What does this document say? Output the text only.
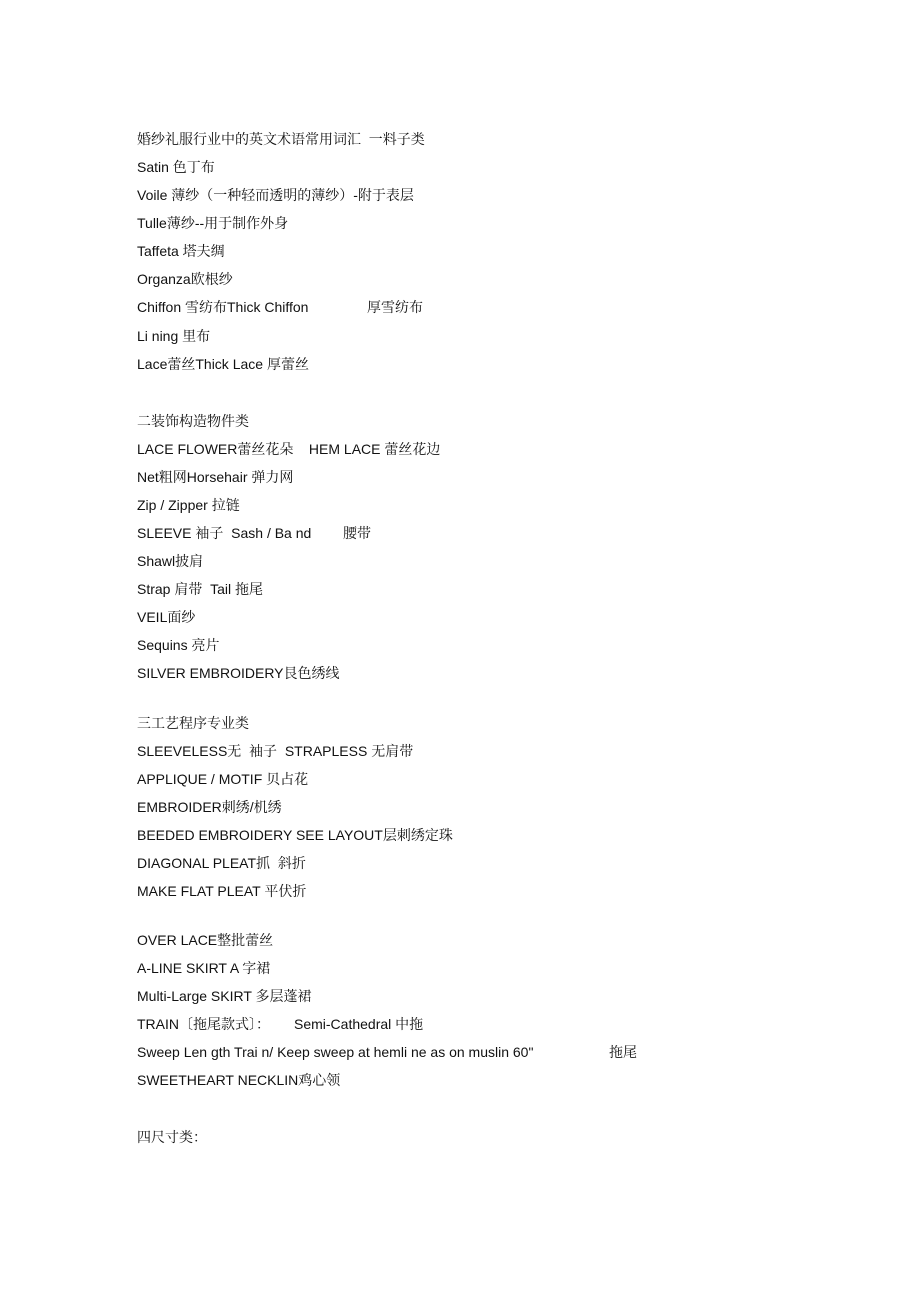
婚纱礼服行业中的英文术语常用词汇  一料子类
Satin 色丁布
Voile 薄纱（一种轻而透明的薄纱）-附于表层
Tulle薄纱--用于制作外身
Taffeta 塔夫绸
Organza欧根纱

Chiffon 雪纺布Thick Chiffon

	厚雪纺布

Li ning 里布
Lace蕾丝Thick Lace 厚蕾丝
二装饰构造物件类
LACE FLOWER蕾丝花朵    HEM LACE 蕾丝花边
Net粗网Horsehair 弹力网
Zip / Zipper 拉链

SLEEVE 袖子  Sash / Ba nd

腰带

Shawl披肩
Strap 肩带  Tail 拖尾
VEIL面纱
Sequins 亮片
SILVER EMBROIDERY艮色绣线
三工艺程序专业类
SLEEVELESS无  袖子  STRAPLESS 无肩带
APPLIQUE / MOTIF 贝占花
EMBROIDER刺绣/机绣
BEEDED EMBROIDERY SEE LAYOUT层刺绣定珠
DIAGONAL PLEAT抓  斜折
MAKE FLAT PLEAT 平伏折
OVER LACE整批蕾丝
A-LINE SKIRT A 字裙
Multi-Large SKIRT 多层蓬裙

TRAIN〔拖尾款式〕：

Semi-Cathedral 中拖

Sweep Len gth Trai n/ Keep sweep at hemli ne as on muslin 60"

	拖尾

SWEETHEART NECKLIN鸡心领
四尺寸类：
